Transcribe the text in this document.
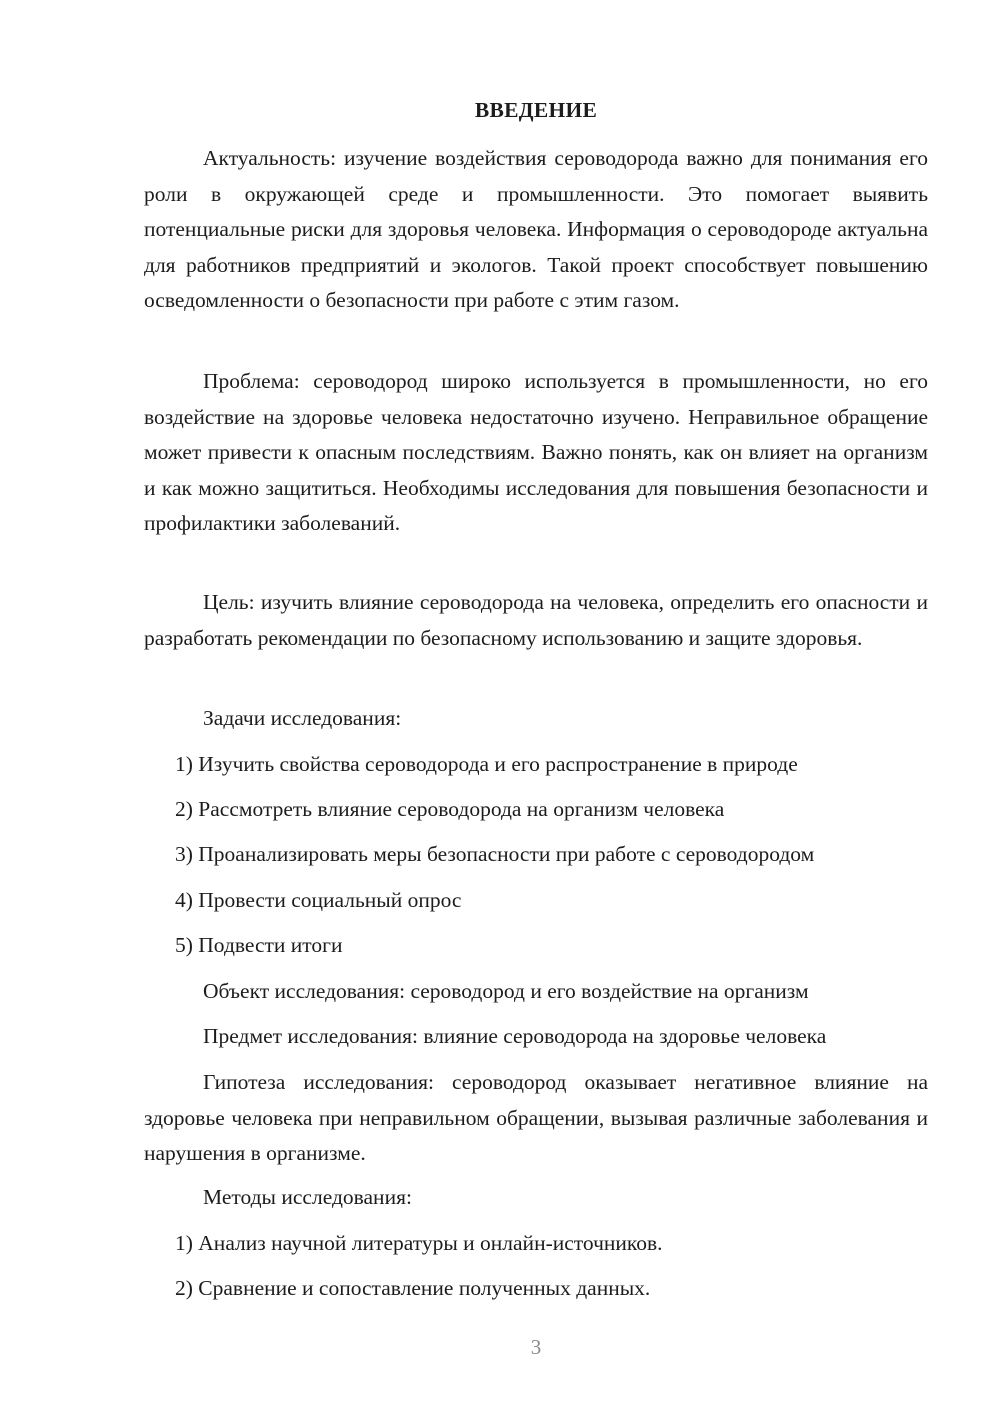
ВВЕДЕНИЕ

Актуальность: изучение воздействия сероводорода важно для понимания его роли в окружающей среде и промышленности. Это помогает выявить потенциальные риски для здоровья человека. Информация о сероводороде актуальна для работников предприятий и экологов. Такой проект способствует повышению осведомленности о безопасности при работе с этим газом.

Проблема: сероводород широко используется в промышленности, но его воздействие на здоровье человека недостаточно изучено. Неправильное обращение может привести к опасным последствиям. Важно понять, как он влияет на организм и как можно защититься. Необходимы исследования для повышения безопасности и профилактики заболеваний.

Цель: изучить влияние сероводорода на человека, определить его опасности и разработать рекомендации по безопасному использованию и защите здоровья.

Задачи исследования:

1) Изучить свойства сероводорода и его распространение в природе

2) Рассмотреть влияние сероводорода на организм человека

3) Проанализировать меры безопасности при работе с сероводородом

4) Провести социальный опрос

5) Подвести итоги

Объект исследования: сероводород и его воздействие на организм

Предмет исследования: влияние сероводорода на здоровье человека

Гипотеза исследования: сероводород оказывает негативное влияние на здоровье человека при неправильном обращении, вызывая различные заболевания и нарушения в организме.

Методы исследования:

1) Анализ научной литературы и онлайн-источников.

2) Сравнение и сопоставление полученных данных.

3
